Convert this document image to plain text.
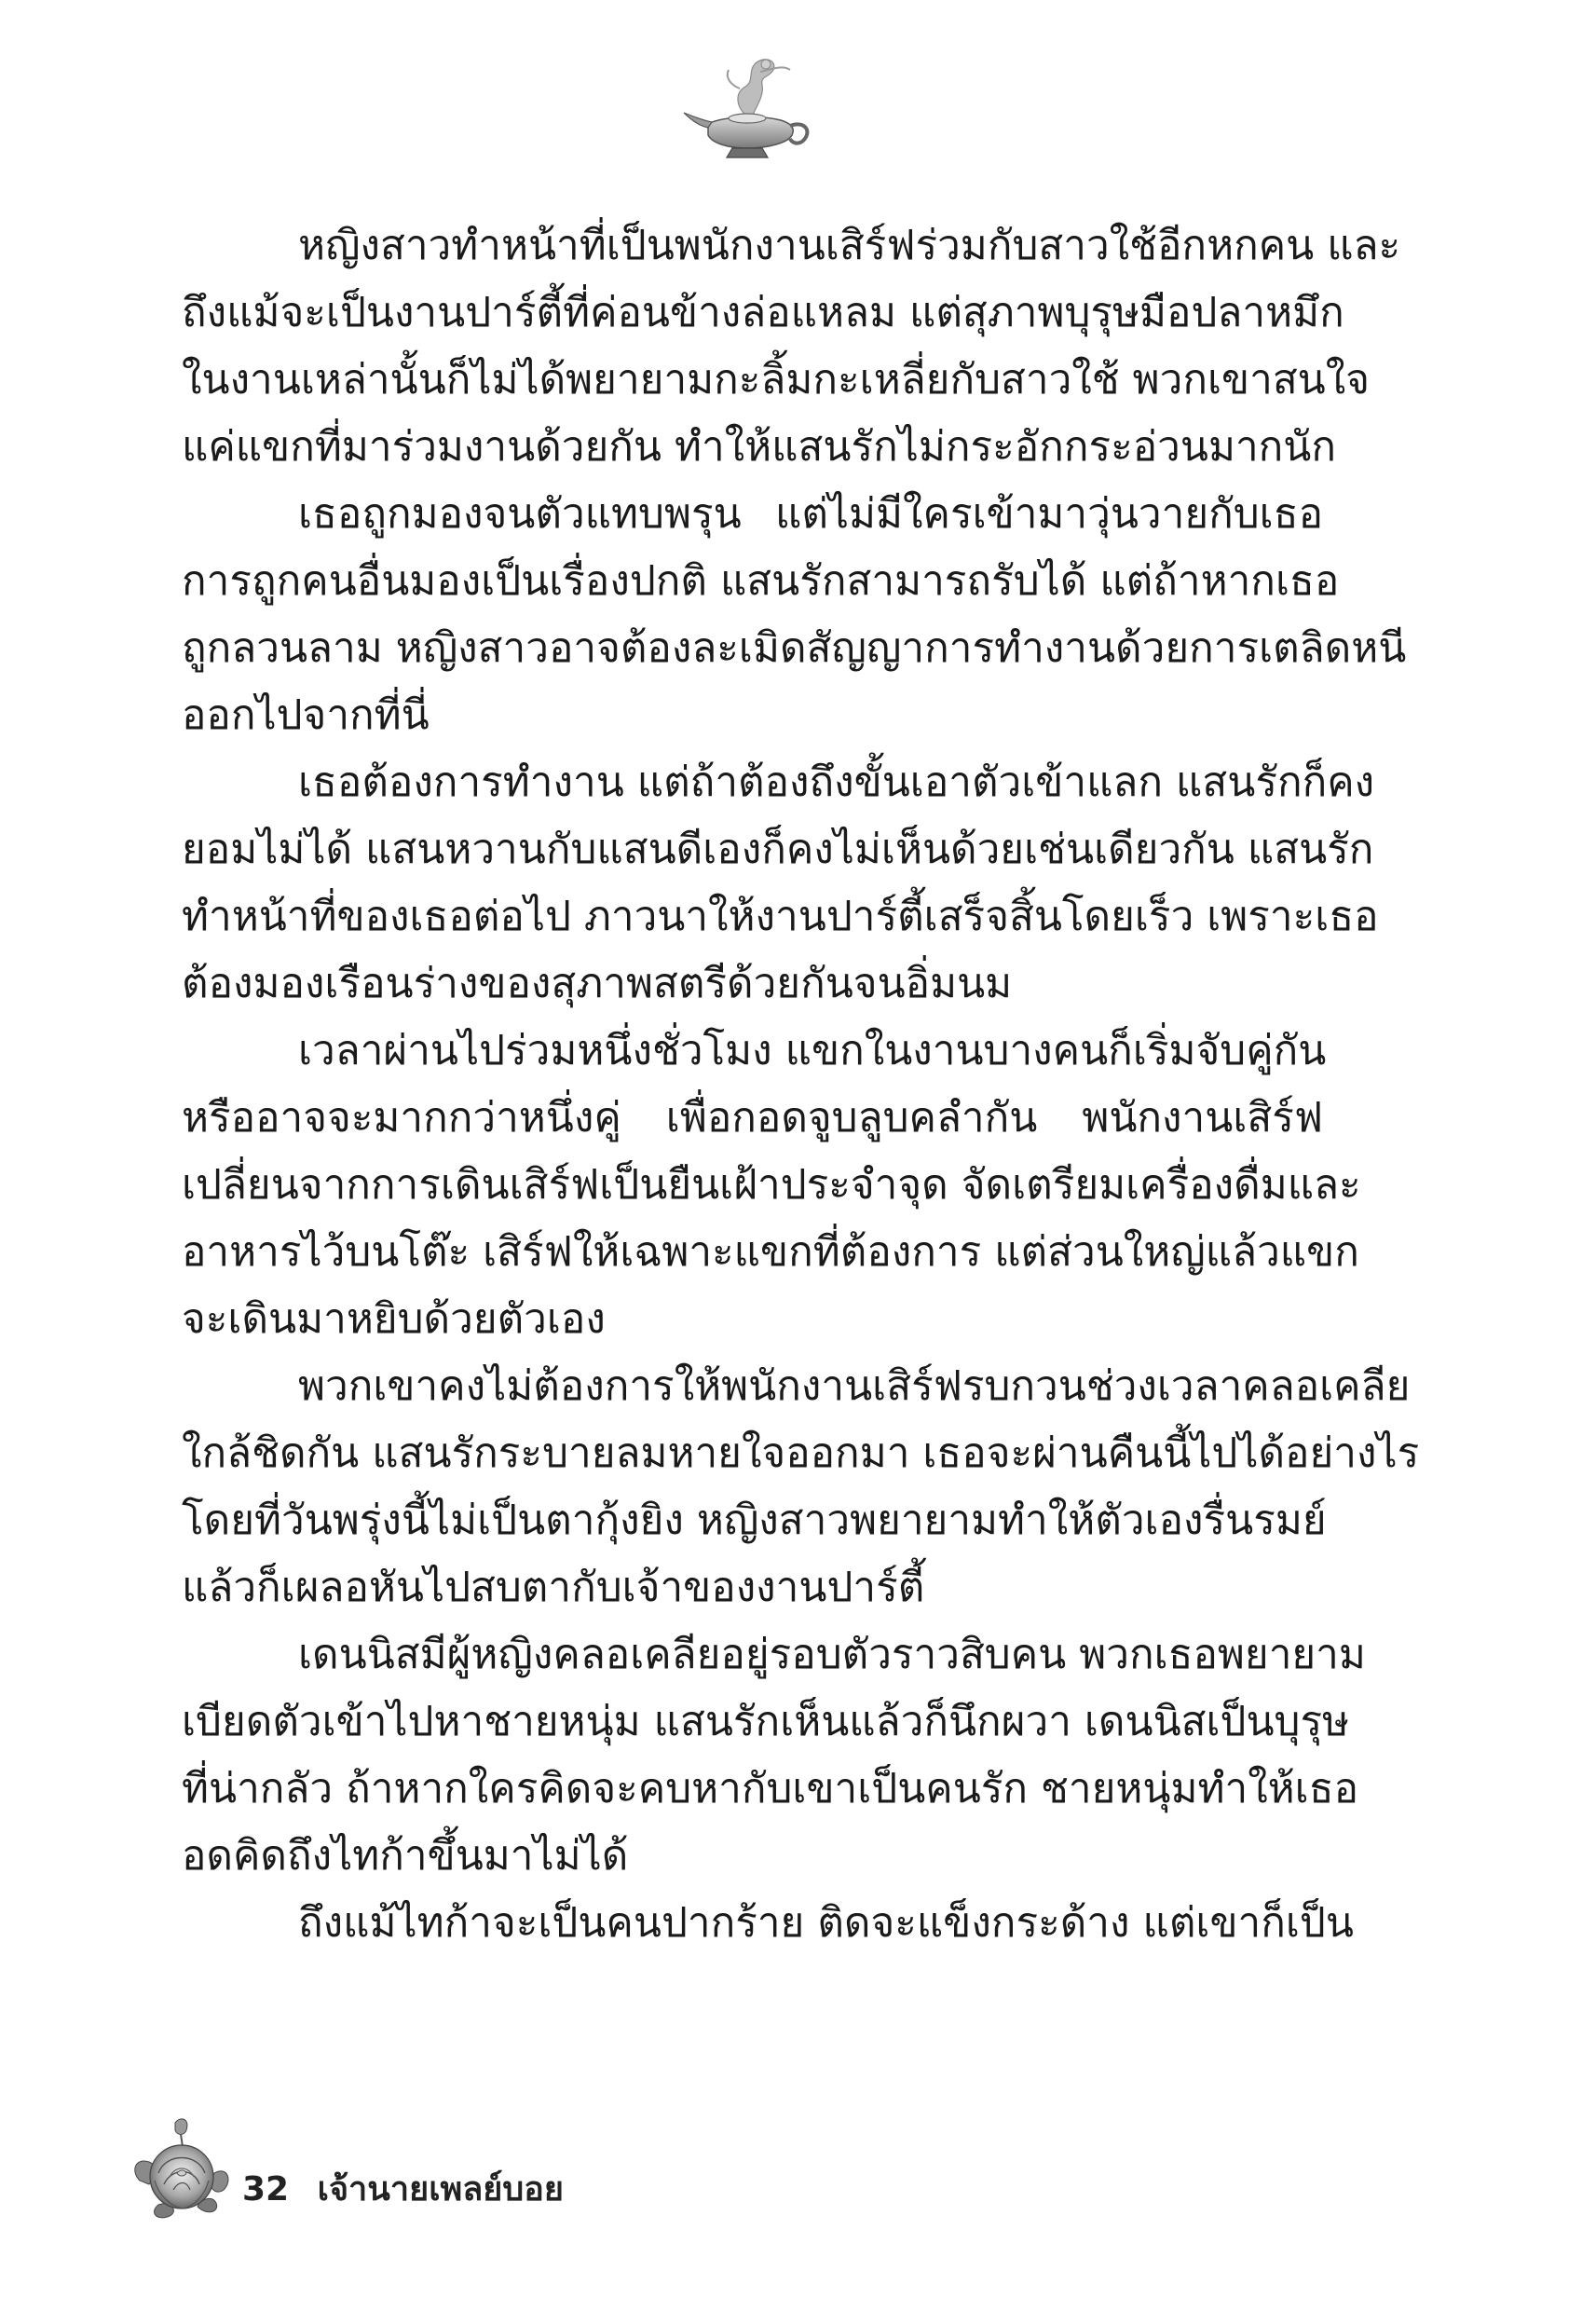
หญิงสาวทำหน้าที่เป็นพนักงานเสิร์ฟร่วมกับสาวใช้อีกหกคน และ
ถึงแม้จะเป็นงานปาร์ตี้ที่ค่อนข้างล่อแหลม แต่สุภาพบุรุษมือปลาหมึก
ในงานเหล่านั้นก็ไม่ได้พยายามกะลิ้มกะเหลี่ยกับสาวใช้ พวกเขาสนใจ
แค่แขกที่มาร่วมงานด้วยกัน ทำให้แสนรักไม่กระอักกระอ่วนมากนัก
เธอถูกมองจนตัวแทบพรุน แต่ไม่มีใครเข้ามาวุ่นวายกับเธอ
การถูกคนอื่นมองเป็นเรื่องปกติ แสนรักสามารถรับได้ แต่ถ้าหากเธอ
ถูกลวนลาม หญิงสาวอาจต้องละเมิดสัญญาการทำงานด้วยการเตลิดหนี
ออกไปจากที่นี่
เธอต้องการทำงาน แต่ถ้าต้องถึงขั้นเอาตัวเข้าแลก แสนรักก็คง
ยอมไม่ได้ แสนหวานกับแสนดีเองก็คงไม่เห็นด้วยเช่นเดียวกัน แสนรัก
ทำหน้าที่ของเธอต่อไป ภาวนาให้งานปาร์ตี้เสร็จสิ้นโดยเร็ว เพราะเธอ
ต้องมองเรือนร่างของสุภาพสตรีด้วยกันจนอิ่มนม
เวลาผ่านไปร่วมหนึ่งชั่วโมง แขกในงานบางคนก็เริ่มจับคู่กัน
หรืออาจจะมากกว่าหนึ่งคู่ เพื่อกอดจูบลูบคลำกัน พนักงานเสิร์ฟ
เปลี่ยนจากการเดินเสิร์ฟเป็นยืนเฝ้าประจำจุด จัดเตรียมเครื่องดื่มและ
อาหารไว้บนโต๊ะ เสิร์ฟให้เฉพาะแขกที่ต้องการ แต่ส่วนใหญ่แล้วแขก
จะเดินมาหยิบด้วยตัวเอง
พวกเขาคงไม่ต้องการให้พนักงานเสิร์ฟรบกวนช่วงเวลาคลอเคลีย
ใกล้ชิดกัน แสนรักระบายลมหายใจออกมา เธอจะผ่านคืนนี้ไปได้อย่างไร
โดยที่วันพรุ่งนี้ไม่เป็นตากุ้งยิง หญิงสาวพยายามทำให้ตัวเองรื่นรมย์
แล้วก็เผลอหันไปสบตากับเจ้าของงานปาร์ตี้
เดนนิสมีผู้หญิงคลอเคลียอยู่รอบตัวราวสิบคน พวกเธอพยายาม
เบียดตัวเข้าไปหาชายหนุ่ม แสนรักเห็นแล้วก็นึกผวา เดนนิสเป็นบุรุษ
ที่น่ากลัว ถ้าหากใครคิดจะคบหากับเขาเป็นคนรัก ชายหนุ่มทำให้เธอ
อดคิดถึงไทก้าขึ้นมาไม่ได้
ถึงแม้ไทก้าจะเป็นคนปากร้าย ติดจะแข็งกระด้าง แต่เขาก็เป็น
32 เจ้านายเพลย์บอย
